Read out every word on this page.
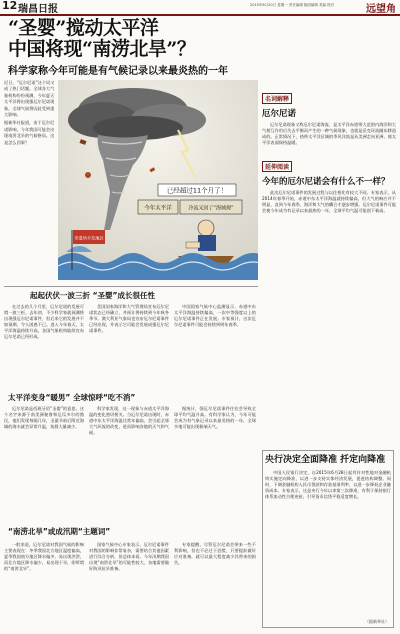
12 瑞昌日报	2015年6月20日 星期一 责任编辑 版面编辑 美编 校对	远望角
“圣婴”搅动太平洋
中国将现“南涝北旱”？
科学家称今年可能是有气候记录以来最炎热的一年

近日，“厄尔尼诺”这个词又成了热门话题。全球各大气象机构纷纷预测，今年夏天太平洋将出现强厄尔尼诺现象，全球气候将因此受到重大影响。

据新华社报道，由于厄尔尼诺影响，今年我国可能会出现南涝北旱的气候格局。这是怎么回事？

已经超过11个月了！
今年太平洋	冷流又回了“海域规”
非遗所多发地区
名词解释
厄尔尼诺

厄尔尼诺现象又称厄尔尼诺海流，是太平洋赤道带大范围内海洋和大气相互作用后失去平衡而产生的一种气候现象，也就是沃克环流圈东移造成的。正常情况下，热带太平洋区域的季风洋流是从美洲走向亚洲，使太平洋表面保持温暖。

延伸阅读
今年的厄尔尼诺会有什么不一样？

此次厄尔尼诺事件的发展过程与以往相比有较大不同。专家表示，从2014年春季开始，赤道中东太平洋海温就持续偏高，但大气的响应并不明显，直到今年春季，海洋和大气的耦合才逐步增强。厄尔尼诺事件可能会使今年成为有记录以来最热的一年，全球平均气温可能创下新高。

起起伏伏一波三折 “圣婴”成长很任性

在过去的几个月里，厄尔尼诺的发展可谓一波三折。去年初，不少科学家就预测将出现强厄尔尼诺事件，但后来它的发展并不如预期，令人困惑不已。进入今年春天，太平洋海温持续升高，各国气象机构陆续宣布厄尔尼诺已经形成。

美国国家海洋和大气管理局宣布厄尔尼诺状态已经确立，并预计将持续到今年秋冬季节。澳大利亚气象局也宣布厄尔尼诺事件已经出现，并表示它可能会发展成强厄尔尼诺事件。

中国国家气候中心监测显示，赤道中东太平洋海温持续偏高，一次中等强度以上的厄尔尼诺事件正在发展。专家预计，这次厄尔尼诺事件可能会持续到明年春季。

太平洋变身“暖男” 全球惊呼“吃不消”

厄尔尼诺是西班牙语“圣婴”的意思。这个名字来源于南美洲秘鲁和厄瓜多尔的渔民，他们发现每隔几年，圣诞节前后附近海域的海水就会异常升温，鱼群大量减少。

科学家发现，这一现象与赤道太平洋海温的变化密切相关。当厄尔尼诺出现时，赤道中东太平洋海温比常年偏高，会引起全球大气环流的改变，进而影响各地的天气和气候。

据统计，强厄尔尼诺事件往往会导致全球平均气温升高。有科学家认为，今年可能会成为有气象记录以来最炎热的一年，全球多地可能出现极端天气。

“南涝北旱”或成汛期“主题词”

一般来说，厄尔尼诺对我国气候的影响主要表现在：冬季我国北方地区温度偏高，夏季我国南方地区降水偏多，易出现洪涝，而北方地区降水偏少，易出现干旱，即所谓的“南涝北旱”。

国家气候中心专家表示，厄尔尼诺事件对我国的影响非常复杂，需要结合其他因素进行综合分析，但总体来看，今年汛期我国出现“南涝北旱”的可能性较大，各地需要做好防汛抗旱准备。

专家提醒，尽管厄尔尼诺会带来一些不利影响，但也不必过于恐慌，只要提前做好应对准备，就可以最大程度减少其带来的损失。

央行决定全面降准 扦定向降准

中国人民银行决定，自2015年6月28日起有针对性地对金融机构实施定向降准，以进一步支持实体经济发展，促进结构调整。同时，下调金融机构人民币贷款和存款基准利率，以进一步降低企业融资成本。专家表示，这是央行今年以来第三次降准，有利于保持银行体系流动性合理充裕，引导货币信贷平稳适度增长。

（据新华社）
